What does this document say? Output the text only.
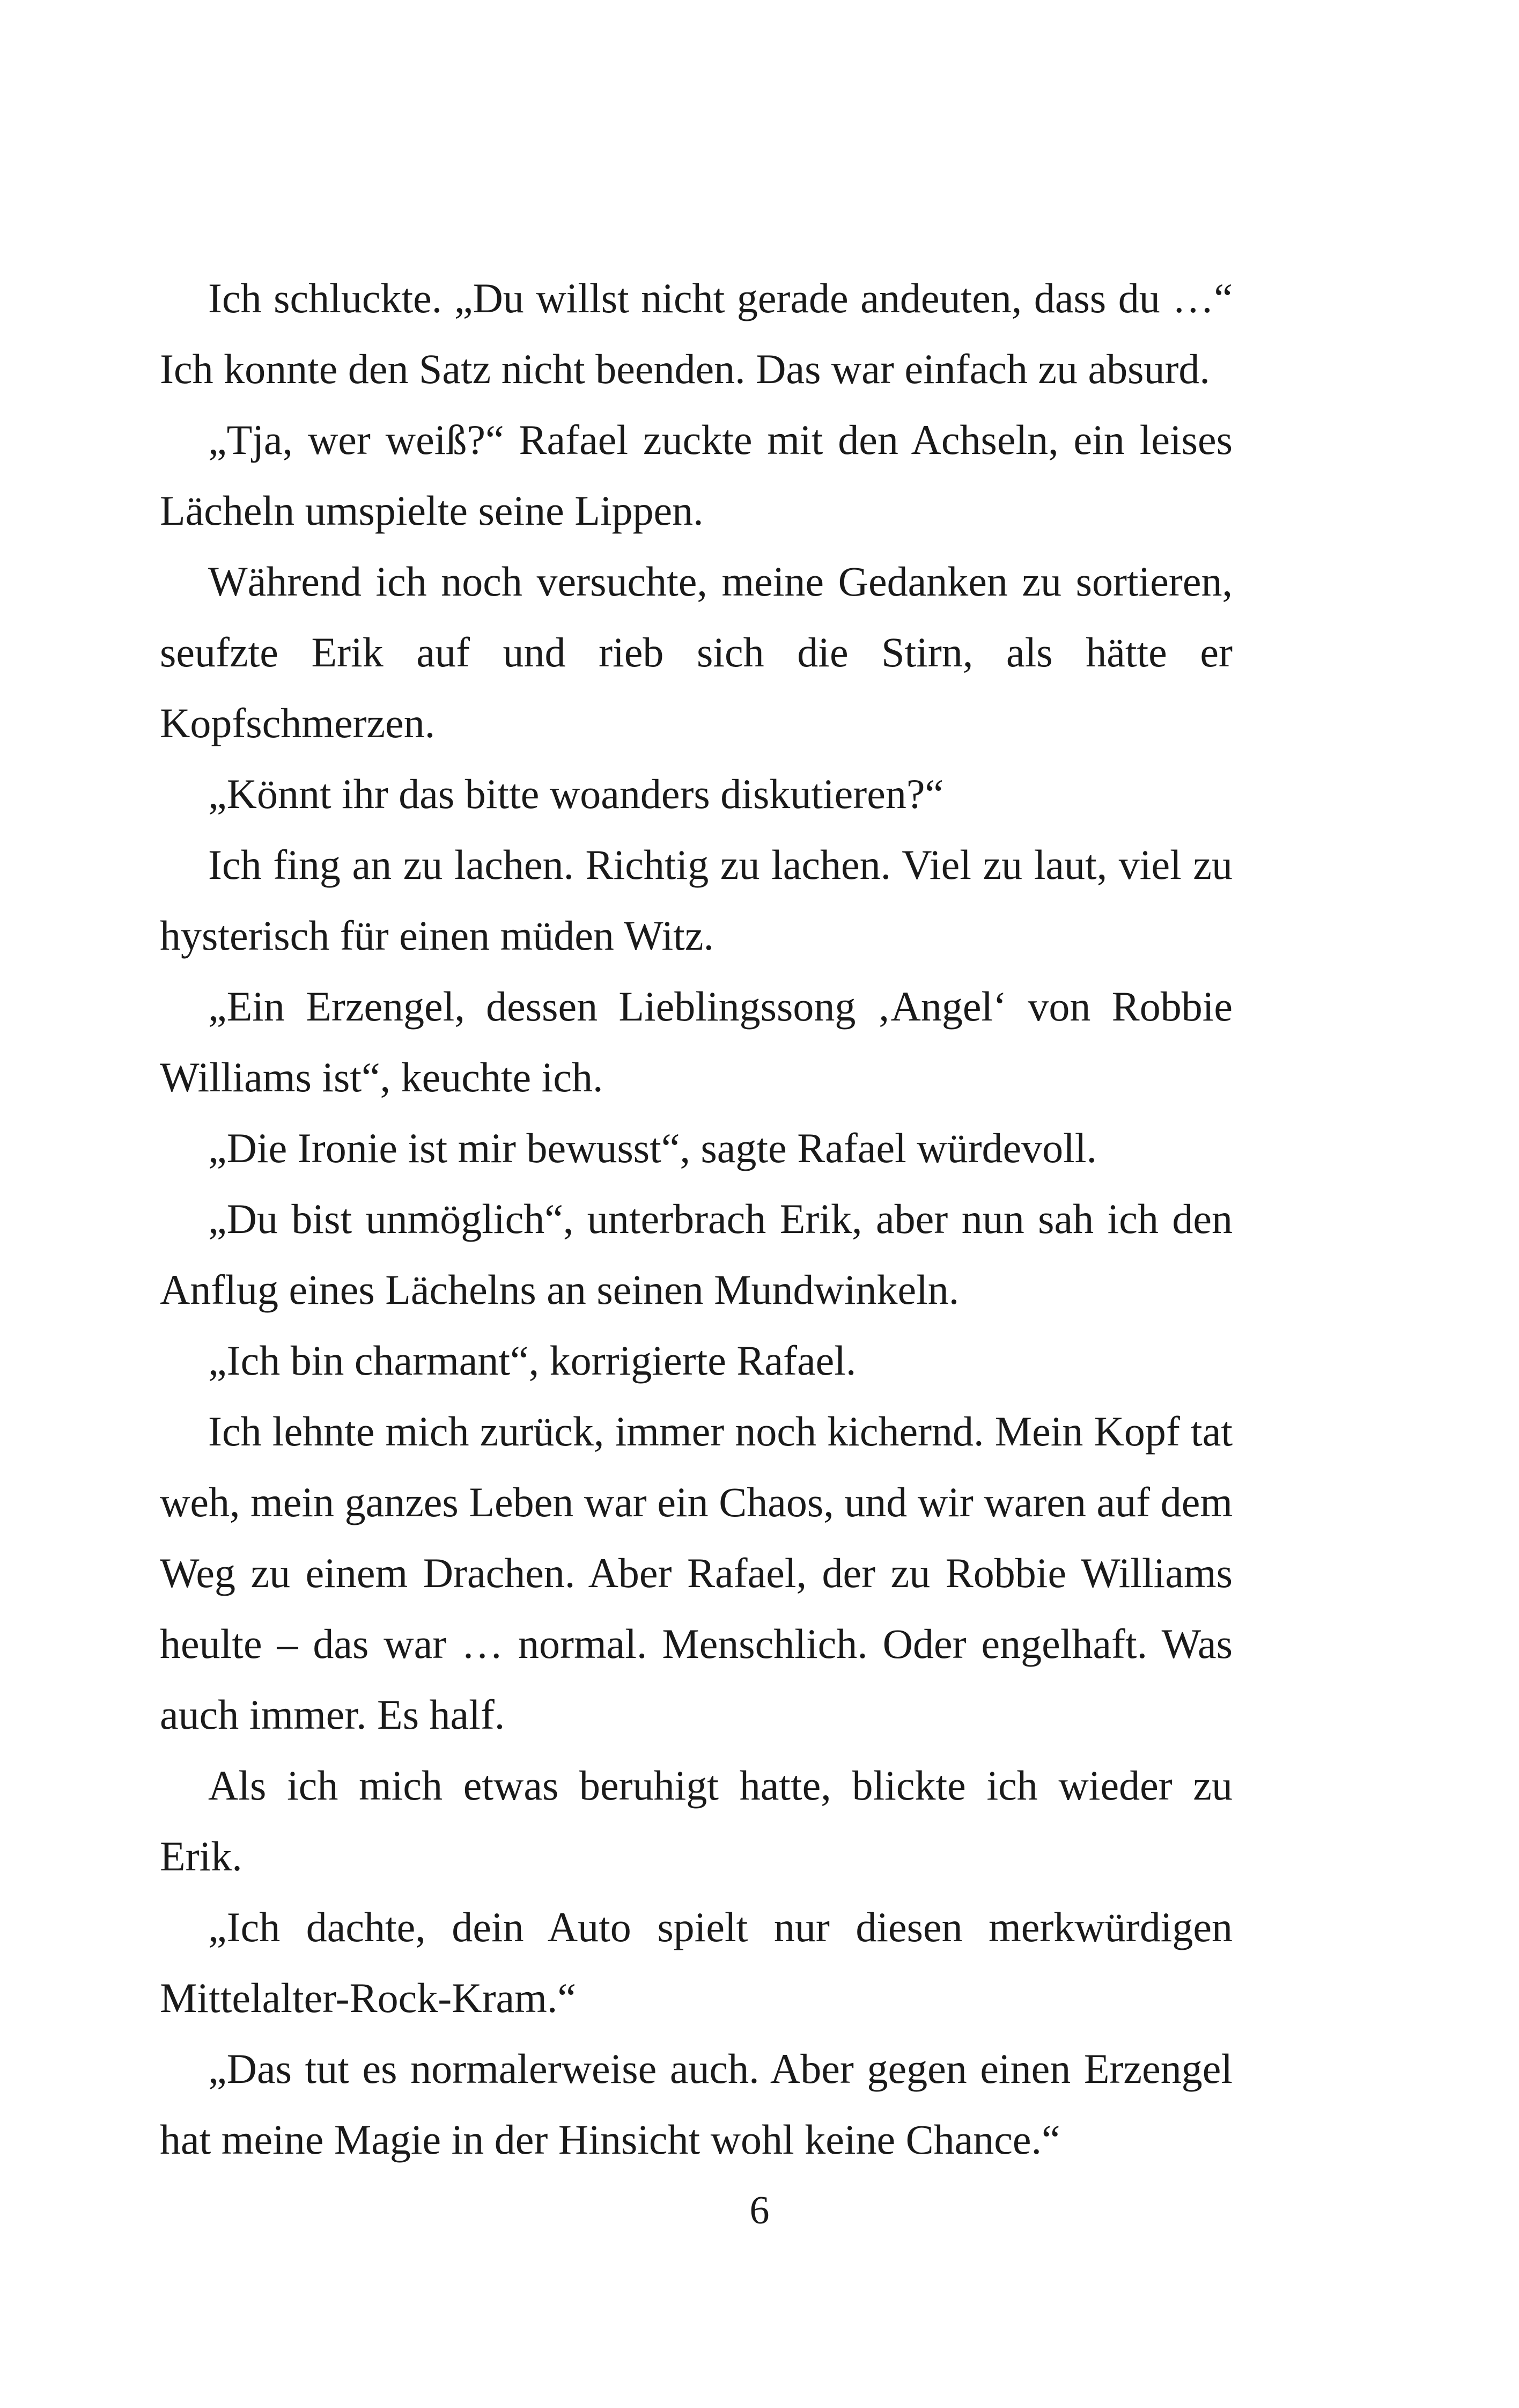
Ich schluckte. „Du willst nicht gerade andeuten, dass du …“ Ich konnte den Satz nicht beenden. Das war einfach zu absurd.

„Tja, wer weiß?“ Rafael zuckte mit den Achseln, ein leises Lächeln umspielte seine Lippen.

Während ich noch versuchte, meine Gedanken zu sortieren, seufzte Erik auf und rieb sich die Stirn, als hätte er Kopfschmerzen.

„Könnt ihr das bitte woanders diskutieren?“

Ich fing an zu lachen. Richtig zu lachen. Viel zu laut, viel zu hysterisch für einen müden Witz.

„Ein Erzengel, dessen Lieblingssong ‚Angel‘ von Robbie Williams ist“, keuchte ich.

„Die Ironie ist mir bewusst“, sagte Rafael würdevoll.

„Du bist unmöglich“, unterbrach Erik, aber nun sah ich den Anflug eines Lächelns an seinen Mundwinkeln.

„Ich bin charmant“, korrigierte Rafael.

Ich lehnte mich zurück, immer noch kichernd. Mein Kopf tat weh, mein ganzes Leben war ein Chaos, und wir waren auf dem Weg zu einem Drachen. Aber Rafael, der zu Robbie Williams heulte – das war … normal. Menschlich. Oder engelhaft. Was auch immer. Es half.

Als ich mich etwas beruhigt hatte, blickte ich wieder zu Erik.

„Ich dachte, dein Auto spielt nur diesen merkwürdigen Mittelalter-Rock-Kram.“

„Das tut es normalerweise auch. Aber gegen einen Erzengel hat meine Magie in der Hinsicht wohl keine Chance.“

6
